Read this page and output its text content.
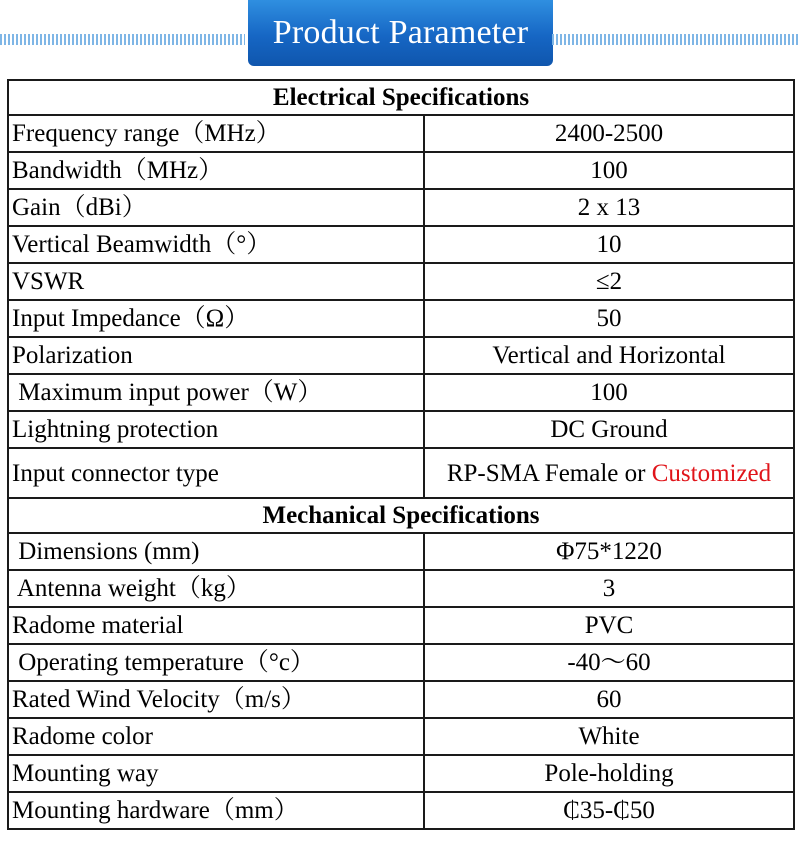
Product Parameter
Electrical Specifications	
Frequency range（MHz）	2400-2500
Bandwidth（MHz）	100
Gain（dBi）	2 x 13
Vertical Beamwidth（°）	10
VSWR	≤2
Input Impedance（Ω）	50
Polarization	Vertical and Horizontal
Maximum input power（W）	100
Lightning protection	DC Ground
Input connector type	RP-SMA Female or Customized
Mechanical Specifications	
Dimensions (mm)	Φ75*1220
Antenna weight（kg）	3
Radome material	PVC
Operating temperature（°c）	-40～60
Rated Wind Velocity（m/s）	60
Radome color	White
Mounting way	Pole-holding
Mounting hardware（mm）	₵35-₵50
